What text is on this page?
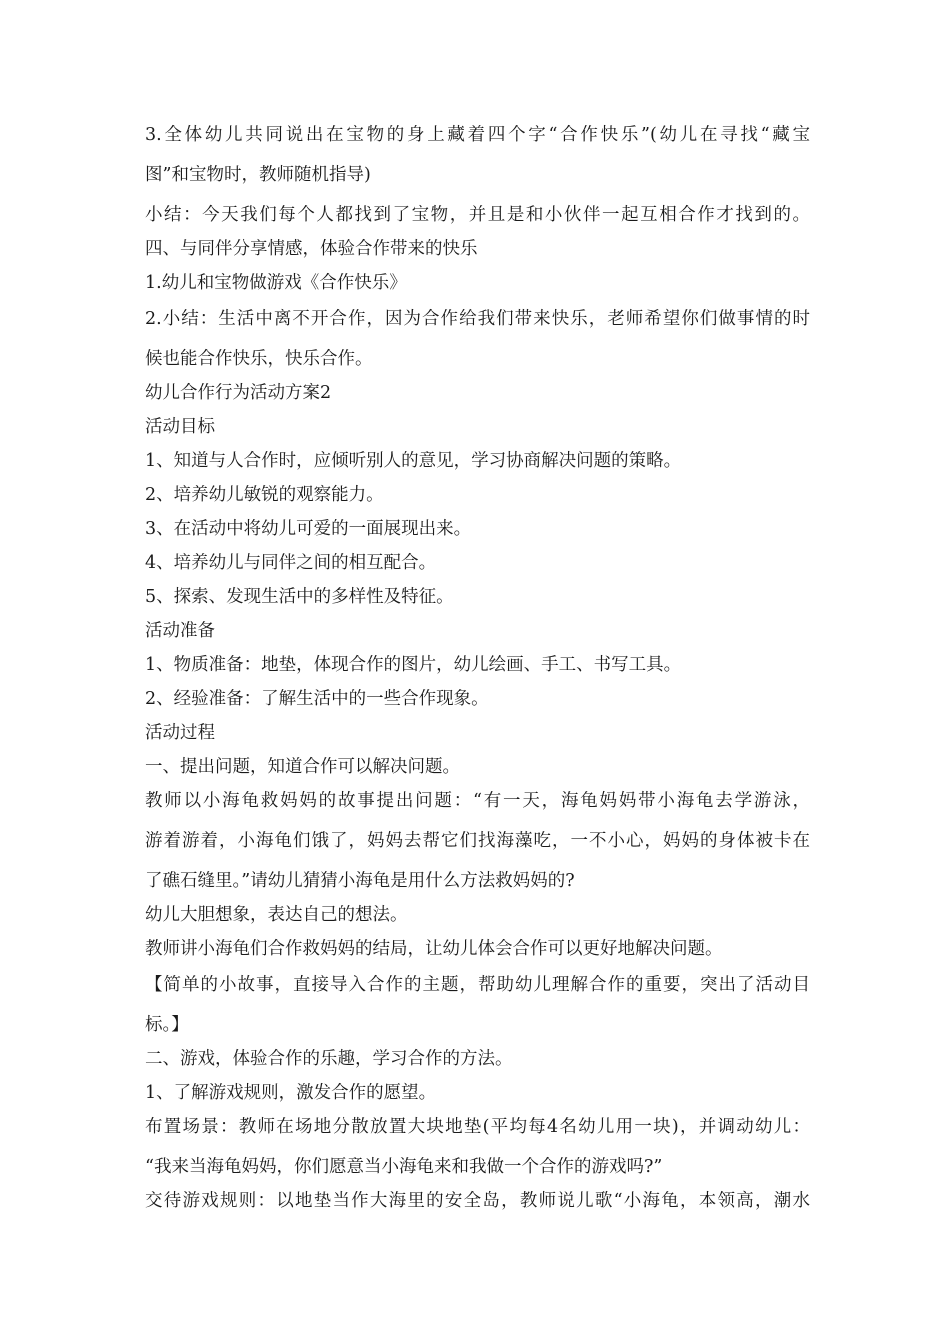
3.全体幼儿共同说出在宝物的身上藏着四个字“合作快乐”(幼儿在寻找“藏宝

图”和宝物时，教师随机指导)

小结：今天我们每个人都找到了宝物，并且是和小伙伴一起互相合作才找到的。

四、与同伴分享情感，体验合作带来的快乐

1.幼儿和宝物做游戏《合作快乐》

2.小结：生活中离不开合作，因为合作给我们带来快乐，老师希望你们做事情的时

候也能合作快乐，快乐合作。

幼儿合作行为活动方案2

活动目标

1、知道与人合作时，应倾听别人的意见，学习协商解决问题的策略。

2、培养幼儿敏锐的观察能力。

3、在活动中将幼儿可爱的一面展现出来。

4、培养幼儿与同伴之间的相互配合。

5、探索、发现生活中的多样性及特征。

活动准备

1、物质准备：地垫，体现合作的图片，幼儿绘画、手工、书写工具。

2、经验准备：了解生活中的一些合作现象。

活动过程

一、提出问题，知道合作可以解决问题。

教师以小海龟救妈妈的故事提出问题：“有一天，海龟妈妈带小海龟去学游泳，

游着游着，小海龟们饿了，妈妈去帮它们找海藻吃，一不小心，妈妈的身体被卡在

了礁石缝里。”请幼儿猜猜小海龟是用什么方法救妈妈的?

幼儿大胆想象，表达自己的想法。

教师讲小海龟们合作救妈妈的结局，让幼儿体会合作可以更好地解决问题。

【简单的小故事，直接导入合作的主题，帮助幼儿理解合作的重要，突出了活动目

标。】

二、游戏，体验合作的乐趣，学习合作的方法。

1、了解游戏规则，激发合作的愿望。

布置场景：教师在场地分散放置大块地垫(平均每4名幼儿用一块)，并调动幼儿：

“我来当海龟妈妈，你们愿意当小海龟来和我做一个合作的游戏吗?”

交待游戏规则：以地垫当作大海里的安全岛，教师说儿歌“小海龟，本领高，潮水
